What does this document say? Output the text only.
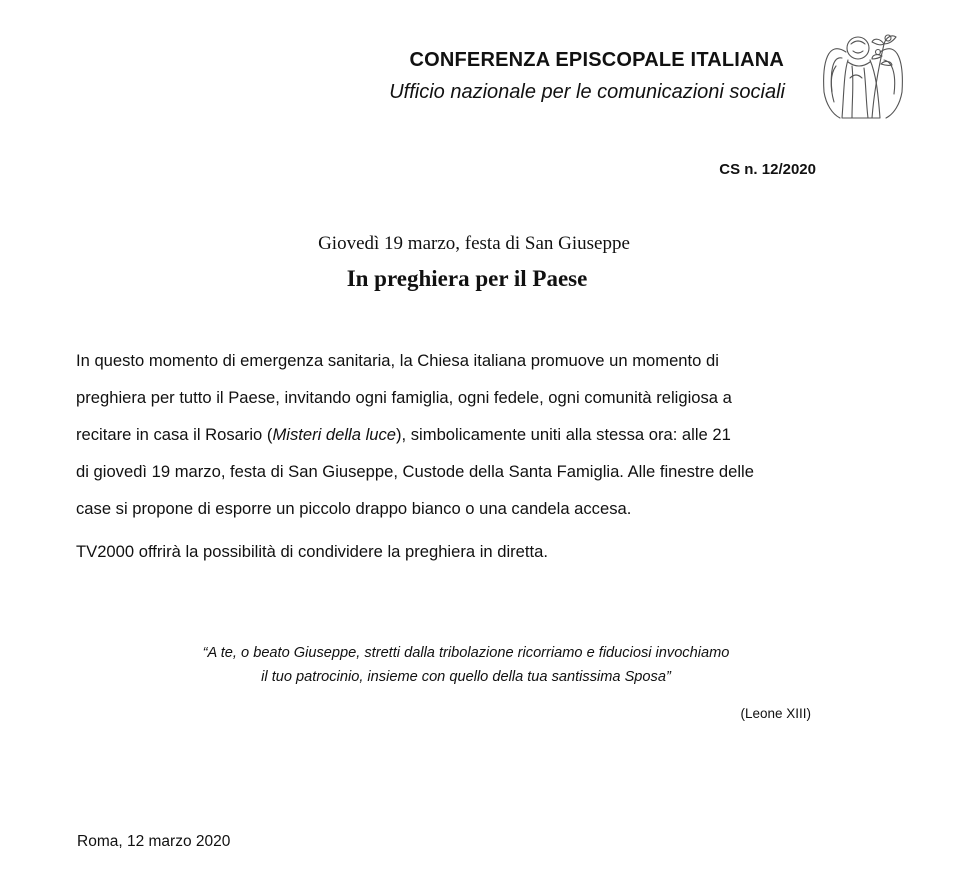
CONFERENZA EPISCOPALE ITALIANA
Ufficio nazionale per le comunicazioni sociali
CS n. 12/2020
Giovedì 19 marzo, festa di San Giuseppe
In preghiera per il Paese
In questo momento di emergenza sanitaria, la Chiesa italiana promuove un momento di
preghiera per tutto il Paese, invitando ogni famiglia, ogni fedele, ogni comunità religiosa a
recitare in casa il Rosario (Misteri della luce), simbolicamente uniti alla stessa ora: alle 21
di giovedì 19 marzo, festa di San Giuseppe, Custode della Santa Famiglia. Alle finestre delle
case si propone di esporre un piccolo drappo bianco o una candela accesa.
TV2000 offrirà la possibilità di condividere la preghiera in diretta.
“A te, o beato Giuseppe, stretti dalla tribolazione ricorriamo e fiduciosi invochiamo
il tuo patrocinio, insieme con quello della tua santissima Sposa”
(Leone XIII)
Roma, 12 marzo 2020
